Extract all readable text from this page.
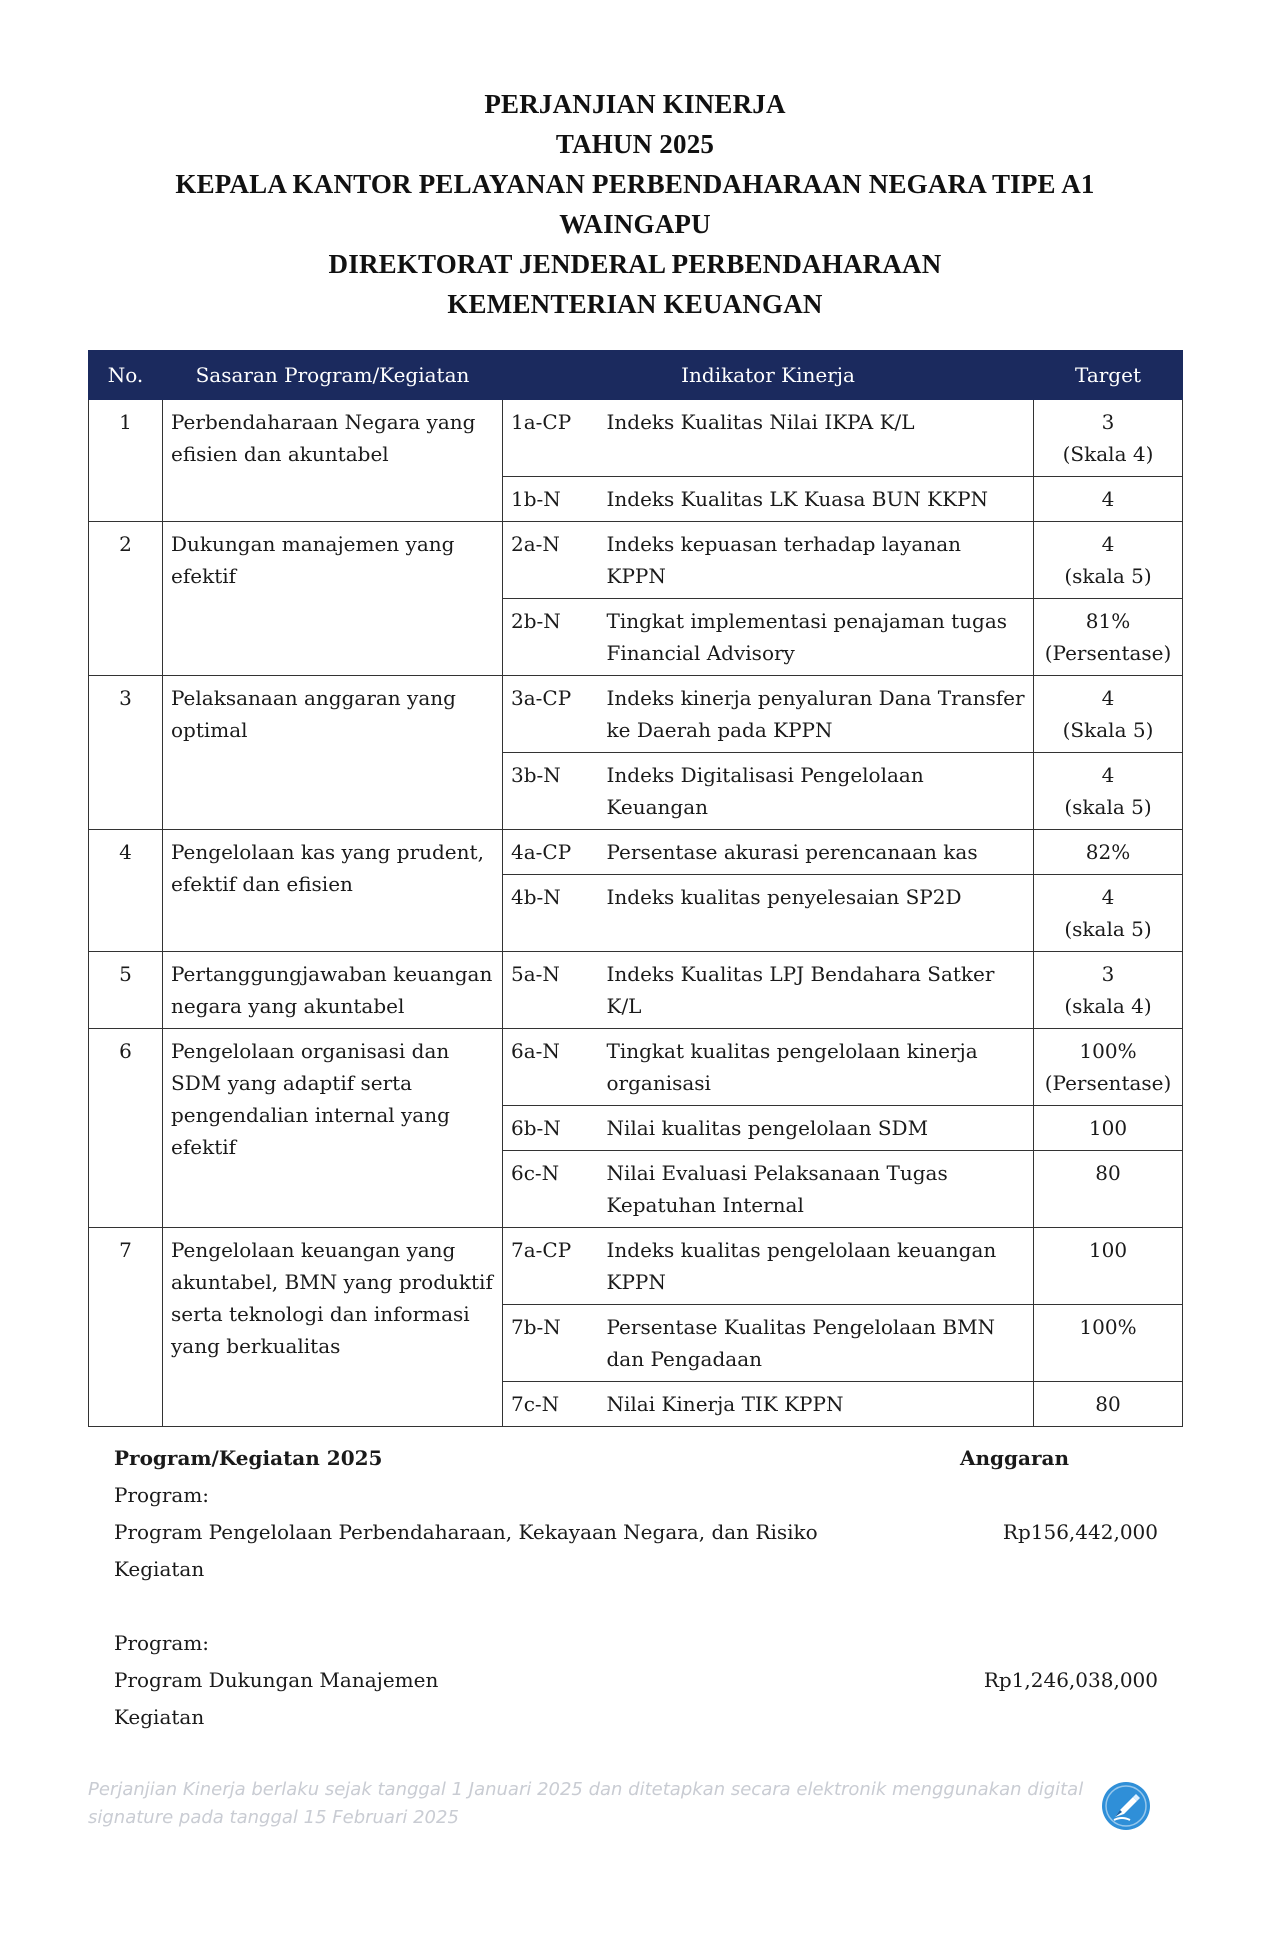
PERJANJIAN KINERJA
TAHUN 2025
KEPALA KANTOR PELAYANAN PERBENDAHARAAN NEGARA TIPE A1
WAINGAPU
DIREKTORAT JENDERAL PERBENDAHARAAN
KEMENTERIAN KEUANGAN
No.	Sasaran Program/Kegiatan	Indikator Kinerja		Target
1	Perbendaharaan Negara yang efisien dan akuntabel	1a-CP	Indeks Kualitas Nilai IKPA K/L	3
(Skala 4)

		1b-N	Indeks Kualitas LK Kuasa BUN KKPN	4

2	Dukungan manajemen yang efektif	2a-N	Indeks kepuasan terhadap layanan KPPN	4
(skala 5)

		2b-N	Tingkat implementasi penajaman tugas Financial Advisory	81%
(Persentase)

3	Pelaksanaan anggaran yang optimal	3a-CP	Indeks kinerja penyaluran Dana Transfer ke Daerah pada KPPN	4
(Skala 5)

		3b-N	Indeks Digitalisasi Pengelolaan Keuangan	4
(skala 5)

4	Pengelolaan kas yang prudent, efektif dan efisien	4a-CP	Persentase akurasi perencanaan kas	82%

		4b-N	Indeks kualitas penyelesaian SP2D	4
(skala 5)

5	Pertanggungjawaban keuangan negara yang akuntabel	5a-N	Indeks Kualitas LPJ Bendahara Satker K/L	3
(skala 4)

6	Pengelolaan organisasi dan SDM yang adaptif serta pengendalian internal yang efektif	6a-N	Tingkat kualitas pengelolaan kinerja organisasi	100%
(Persentase)

		6b-N	Nilai kualitas pengelolaan SDM	100

		6c-N	Nilai Evaluasi Pelaksanaan Tugas Kepatuhan Internal	80

7	Pengelolaan keuangan yang akuntabel, BMN yang produktif serta teknologi dan informasi yang berkualitas	7a-CP	Indeks kualitas pengelolaan keuangan KPPN	100

		7b-N	Persentase Kualitas Pengelolaan BMN dan Pengadaan	100%

		7c-N	Nilai Kinerja TIK KPPN	80
Program/Kegiatan 2025	Anggaran
Program:
Program Pengelolaan Perbendaharaan, Kekayaan Negara, dan Risiko	Rp156,442,000
Kegiatan
Program:
Program Dukungan Manajemen	Rp1,246,038,000
Kegiatan
Perjanjian Kinerja berlaku sejak tanggal 1 Januari 2025 dan ditetapkan secara elektronik menggunakan digital signature pada tanggal 15 Februari 2025
